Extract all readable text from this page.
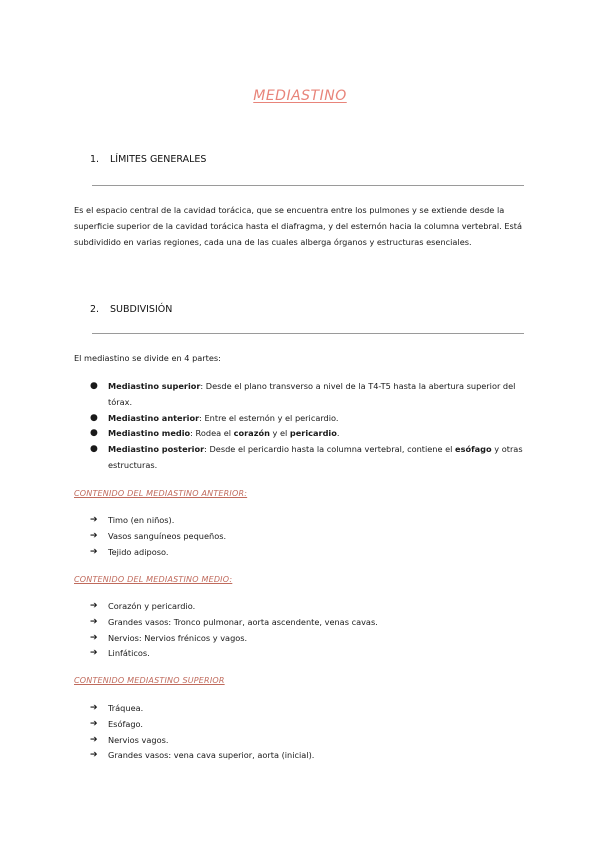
MEDIASTINO
1. LÍMITES GENERALES
Es el espacio central de la cavidad torácica, que se encuentra entre los pulmones y se extiende desde la superficie superior de la cavidad torácica hasta el diafragma, y del esternón hacia la columna vertebral. Está subdividido en varias regiones, cada una de las cuales alberga órganos y estructuras esenciales.
2. SUBDIVISIÓN
El mediastino se divide en 4 partes:
● Mediastino superior: Desde el plano transverso a nivel de la T4-T5 hasta la abertura superior del tórax.
● Mediastino anterior: Entre el esternón y el pericardio.
● Mediastino medio: Rodea el corazón y el pericardio.
● Mediastino posterior: Desde el pericardio hasta la columna vertebral, contiene el esófago y otras estructuras.
CONTENIDO DEL MEDIASTINO ANTERIOR:
➔ Timo (en niños).
➔ Vasos sanguíneos pequeños.
➔ Tejido adiposo.
CONTENIDO DEL MEDIASTINO MEDIO:
➔ Corazón y pericardio.
➔ Grandes vasos: Tronco pulmonar, aorta ascendente, venas cavas.
➔ Nervios: Nervios frénicos y vagos.
➔ Linfáticos.
CONTENIDO MEDIASTINO SUPERIOR
➔ Tráquea.
➔ Esófago.
➔ Nervios vagos.
➔ Grandes vasos: vena cava superior, aorta (inicial).
